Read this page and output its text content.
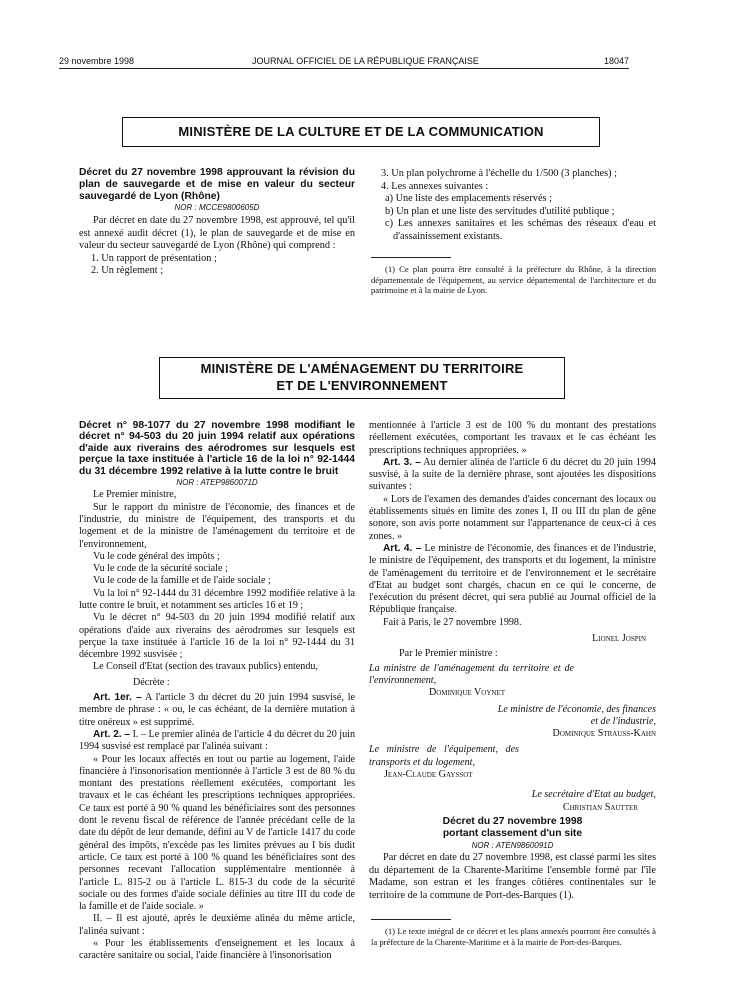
29 novembre 1998	JOURNAL OFFICIEL DE LA RÉPUBLIQUE FRANÇAISE	18047
MINISTÈRE DE LA CULTURE ET DE LA COMMUNICATION

Décret du 27 novembre 1998 approuvant la révision du plan de sauvegarde et de mise en valeur du secteur sauvegardé de Lyon (Rhône)

NOR : MCCE9800605D

Par décret en date du 27 novembre 1998, est approuvé, tel qu'il est annexé audit décret (1), le plan de sauvegarde et de mise en valeur du secteur sauvegardé de Lyon (Rhône) qui comprend :

1. Un rapport de présentation ;

2. Un règlement ;

3. Un plan polychrome à l'échelle du 1/500 (3 planches) ;

4. Les annexes suivantes :

a) Une liste des emplacements réservés ;

b) Un plan et une liste des servitudes d'utilité publique ;

c) Les annexes sanitaires et les schémas des réseaux d'eau et d'assainissement existants.

(1) Ce plan pourra être consulté à la préfecture du Rhône, à la direction départementale de l'équipement, au service départemental de l'architecture et du patrimoine et à la mairie de Lyon.

MINISTÈRE DE L'AMÉNAGEMENT DU TERRITOIRE
ET DE L'ENVIRONNEMENT

Décret n° 98-1077 du 27 novembre 1998 modifiant le décret n° 94-503 du 20 juin 1994 relatif aux opérations d'aide aux riverains des aérodromes sur lesquels est perçue la taxe instituée à l'article 16 de la loi n° 92-1444 du 31 décembre 1992 relative à la lutte contre le bruit

NOR : ATEP9860071D

Le Premier ministre,

Sur le rapport du ministre de l'économie, des finances et de l'industrie, du ministre de l'équipement, des transports et du logement et de la ministre de l'aménagement du territoire et de l'environnement,

Vu le code général des impôts ;

Vu le code de la sécurité sociale ;

Vu le code de la famille et de l'aide sociale ;

Vu la loi n° 92-1444 du 31 décembre 1992 modifiée relative à la lutte contre le bruit, et notamment ses articles 16 et 19 ;

Vu le décret n° 94-503 du 20 juin 1994 modifié relatif aux opérations d'aide aux riverains des aérodromes sur lesquels est perçue la taxe instituée à l'article 16 de la loi n° 92-1444 du 31 décembre 1992 susvisée ;

Le Conseil d'Etat (section des travaux publics) entendu,

Décrète :

Art. 1er. – A l'article 3 du décret du 20 juin 1994 susvisé, le membre de phrase : « ou, le cas échéant, de la dernière mutation à titre onéreux » est supprimé.

Art. 2. – I. – Le premier alinéa de l'article 4 du décret du 20 juin 1994 susvisé est remplacé par l'alinéa suivant :

« Pour les locaux affectés en tout ou partie au logement, l'aide financière à l'insonorisation mentionnée à l'article 3 est de 80 % du montant des prestations réellement exécutées, comportant les travaux et le cas échéant les prescriptions techniques appropriées. Ce taux est porté à 90 % quand les bénéficiaires sont des personnes dont le revenu fiscal de référence de l'année précédant celle de la date du dépôt de leur demande, défini au V de l'article 1417 du code général des impôts, n'excède pas les limites prévues au I bis dudit article. Ce taux est porté à 100 % quand les bénéficiaires sont des personnes recevant l'allocation supplémentaire mentionnée à l'article L. 815-2 ou à l'article L. 815-3 du code de la sécurité sociale ou des formes d'aide sociale définies au titre III du code de la famille et de l'aide sociale. »

II. – Il est ajouté, après le deuxième alinéa du même article, l'alinéa suivant :

« Pour les établissements d'enseignement et les locaux à caractère sanitaire ou social, l'aide financière à l'insonorisation

mentionnée à l'article 3 est de 100 % du montant des prestations réellement exécutées, comportant les travaux et le cas échéant les prescriptions techniques appropriées. »

Art. 3. – Au dernier alinéa de l'article 6 du décret du 20 juin 1994 susvisé, à la suite de la dernière phrase, sont ajoutées les dispositions suivantes :

« Lors de l'examen des demandes d'aides concernant des locaux ou établissements situés en limite des zones I, II ou III du plan de gêne sonore, son avis porte notamment sur l'appartenance de ceux-ci à ces zones. »

Art. 4. – Le ministre de l'économie, des finances et de l'industrie, le ministre de l'équipement, des transports et du logement, la ministre de l'aménagement du territoire et de l'environnement et le secrétaire d'Etat au budget sont chargés, chacun en ce qui le concerne, de l'exécution du présent décret, qui sera publié au Journal officiel de la République française.

Fait à Paris, le 27 novembre 1998.

Lionel Jospin

Par le Premier ministre :

La ministre de l'aménagement du territoire et de l'environnement,

Dominique Voynet

Le ministre de l'économie, des finances et de l'industrie,

Dominique Strauss-Kahn

Le ministre de l'équipement, des transports et du logement,

Jean-Claude Gayssot

Le secrétaire d'Etat au budget,

Christian Sautter

Décret du 27 novembre 1998

portant classement d'un site

NOR : ATEN9860091D

Par décret en date du 27 novembre 1998, est classé parmi les sites du département de la Charente-Maritime l'ensemble formé par l'île Madame, son estran et les franges côtières continentales sur le territoire de la commune de Port-des-Barques (1).

(1) Le texte intégral de ce décret et les plans annexés pourront être consultés à la préfecture de la Charente-Maritime et à la mairie de Port-des-Barques.
